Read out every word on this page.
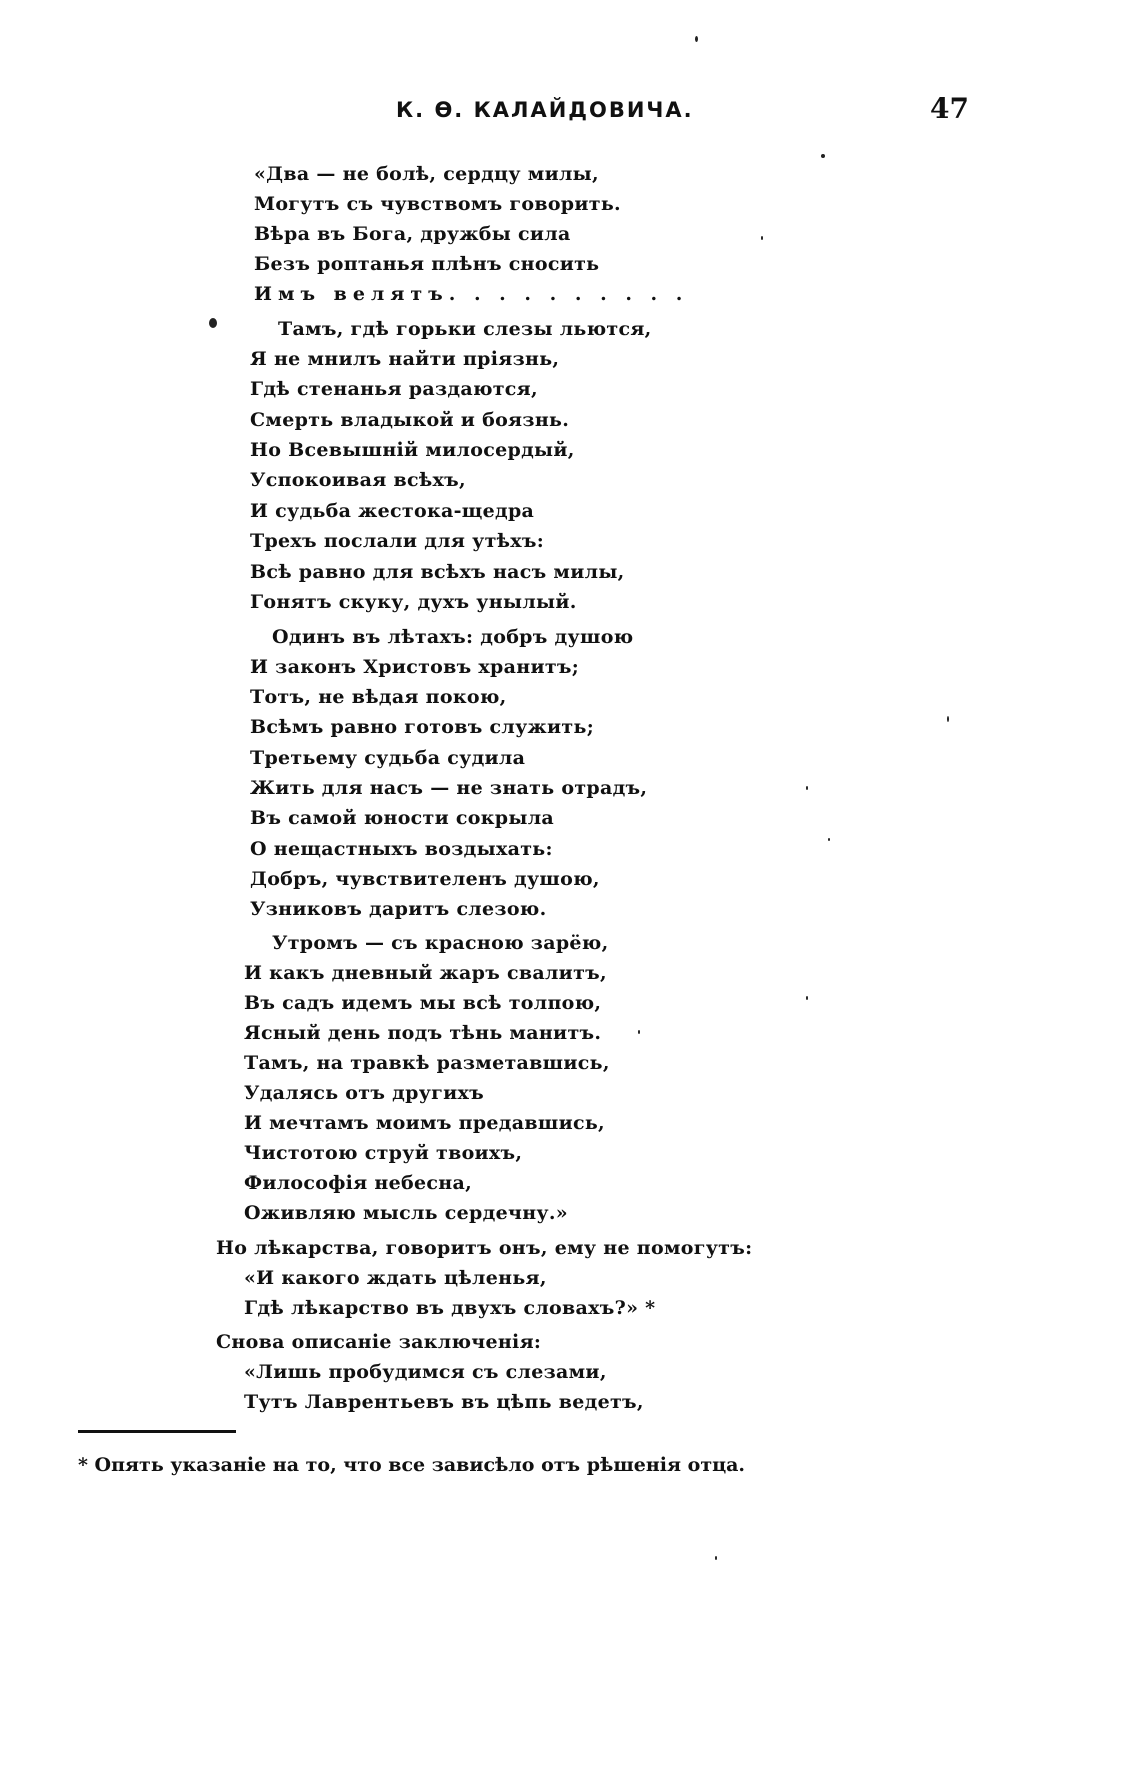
К. Ѳ. КАЛАЙДОВИЧА.	47
«Два — не болѣ, сердцу милы,
Могутъ съ чувствомъ говорить.
Вѣра въ Бога, дружбы сила
Безъ роптанья плѣнъ сносить
Имъ велятъ. . . . . . . . . .
Тамъ, гдѣ горьки слезы льются,
Я не мнилъ найти пріязнь,
Гдѣ стенанья раздаются,
Смерть владыкой и боязнь.
Но Всевышній милосердый,
Успокоивая всѣхъ,
И судьба жестока-щедра
Трехъ послали для утѣхъ:
Всѣ равно для всѣхъ насъ милы,
Гонятъ скуку, духъ унылый.
Одинъ въ лѣтахъ: добръ душою
И законъ Христовъ хранитъ;
Тотъ, не вѣдая покою,
Всѣмъ равно готовъ служить;
Третьему судьба судила
Жить для насъ — не знать отрадъ,
Въ самой юности сокрыла
О нещастныхъ воздыхать:
Добръ, чувствителенъ душою,
Узниковъ даритъ слезою.
Утромъ — съ красною зарёю,
И какъ дневный жаръ свалитъ,
Въ садъ идемъ мы всѣ толпою,
Ясный день подъ тѣнь манитъ.
Тамъ, на травкѣ разметавшись,
Удалясь отъ другихъ
И мечтамъ моимъ предавшись,
Чистотою струй твоихъ,
Философія небесна,
Оживляю мысль сердечну.»
Но лѣкарства, говоритъ онъ, ему не помогутъ:
«И какого ждать цѣленья,
Гдѣ лѣкарство въ двухъ словахъ?» *
Снова описаніе заключенія:
«Лишь пробудимся съ слезами,
Тутъ Лаврентьевъ въ цѣпь ведетъ,
* Опять указаніе на то, что все зависѣло отъ рѣшенія отца.
